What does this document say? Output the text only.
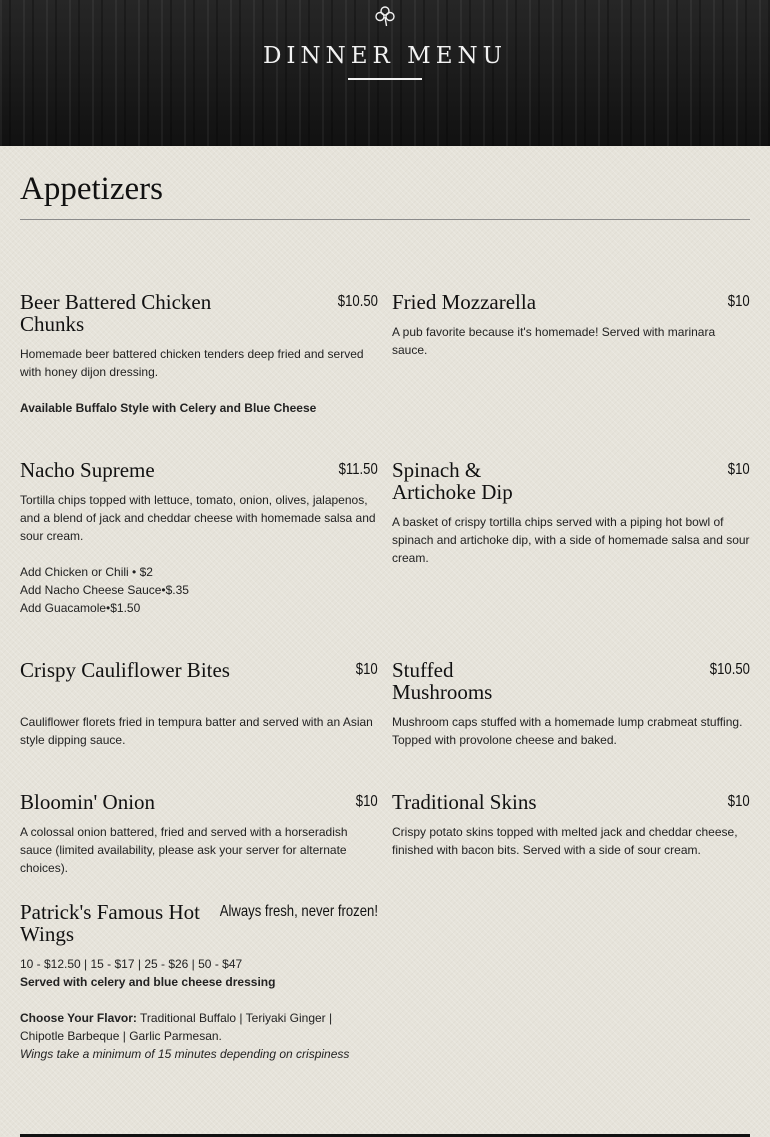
DINNER MENU
Appetizers
Beer Battered Chicken Chunks
$10.50

Homemade beer battered chicken tenders deep fried and served with honey dijon dressing.

Available Buffalo Style with Celery and Blue Cheese

Fried Mozzarella	$10
A pub favorite because it's homemade! Served with marinara sauce.
Nacho Supreme	$11.50

Tortilla chips topped with lettuce, tomato, onion, olives, jalapenos, and a blend of jack and cheddar cheese with homemade salsa and sour cream.

Add Chicken or Chili • $2

Add Nacho Cheese Sauce•$.35

Add Guacamole•$1.50

Spinach & Artichoke Dip
$10
A basket of crispy tortilla chips served with a piping hot bowl of spinach and artichoke dip, with a side of homemade salsa and sour cream.
Crispy Cauliflower Bites	$10
Cauliflower florets fried in tempura batter and served with an Asian style dipping sauce.
Stuffed Mushrooms
$10.50
Mushroom caps stuffed with a homemade lump crabmeat stuffing. Topped with provolone cheese and baked.
Bloomin' Onion	$10
A colossal onion battered, fried and served with a horseradish sauce (limited availability, please ask your server for alternate choices).
Traditional Skins	$10
Crispy potato skins topped with melted jack and cheddar cheese, finished with bacon bits. Served with a side of sour cream.
Patrick's Famous Hot Wings
Always fresh, never frozen!

10 - $12.50 | 15 - $17 | 25 - $26 | 50 - $47

Served with celery and blue cheese dressing

Choose Your Flavor: Traditional Buffalo | Teriyaki Ginger | Chipotle Barbeque | Garlic Parmesan.

Wings take a minimum of 15 minutes depending on crispiness
